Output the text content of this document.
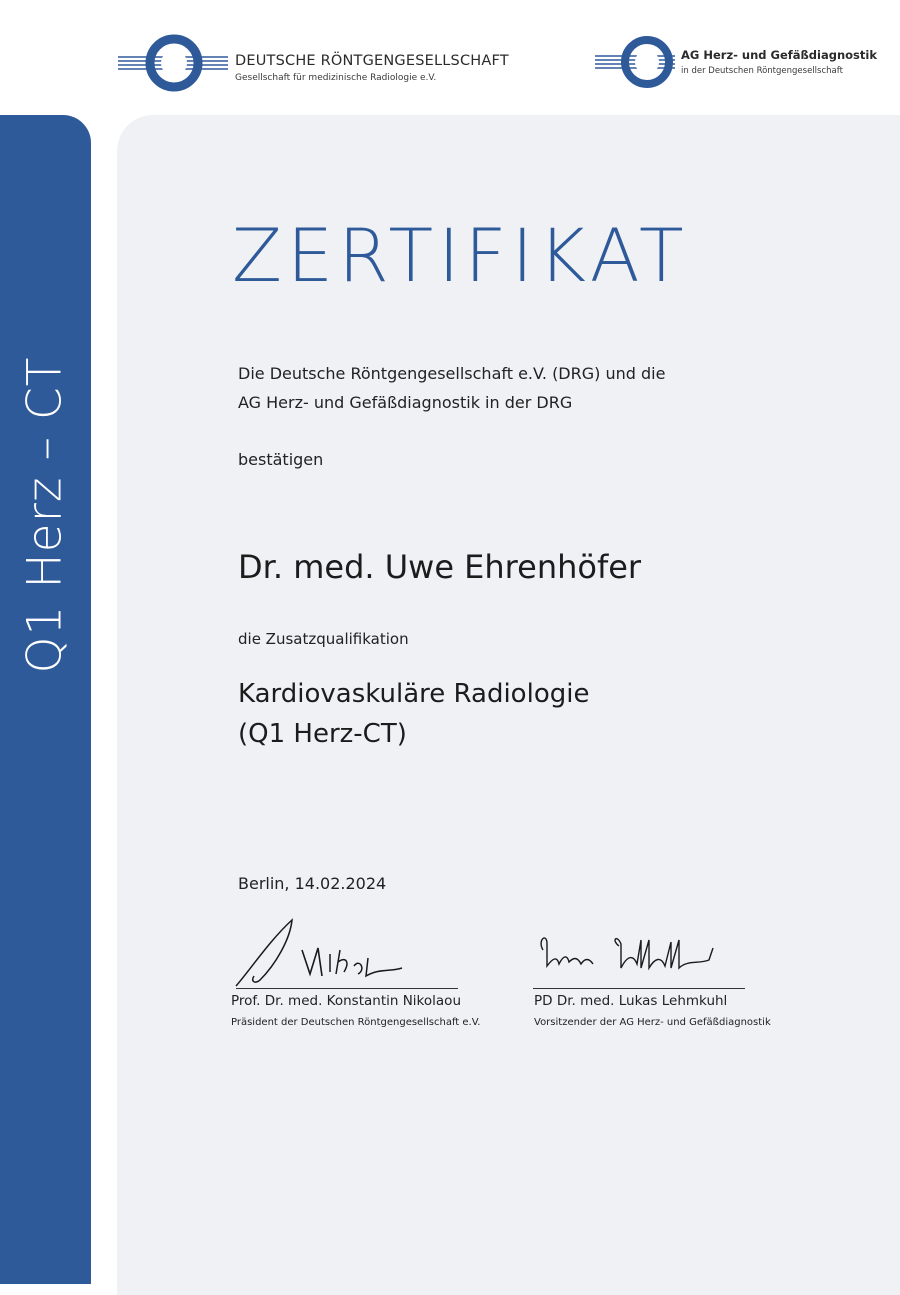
DEUTSCHE RÖNTGENGESELLSCHAFT
Gesellschaft für medizinische Radiologie e.V.
AG Herz- und Gefäßdiagnostik
in der Deutschen Röntgengesellschaft
Q1 Herz – CT
ZERTIFIKAT
Die Deutsche Röntgengesellschaft e.V. (DRG) und die
AG Herz- und Gefäßdiagnostik in der DRG
bestätigen
Dr. med. Uwe Ehrenhöfer
die Zusatzqualifikation
Kardiovaskuläre Radiologie
(Q1 Herz-CT)
Berlin, 14.02.2024
Prof. Dr. med. Konstantin Nikolaou
Präsident der Deutschen Röntgengesellschaft e.V.
PD Dr. med. Lukas Lehmkuhl
Vorsitzender der AG Herz- und Gefäßdiagnostik
